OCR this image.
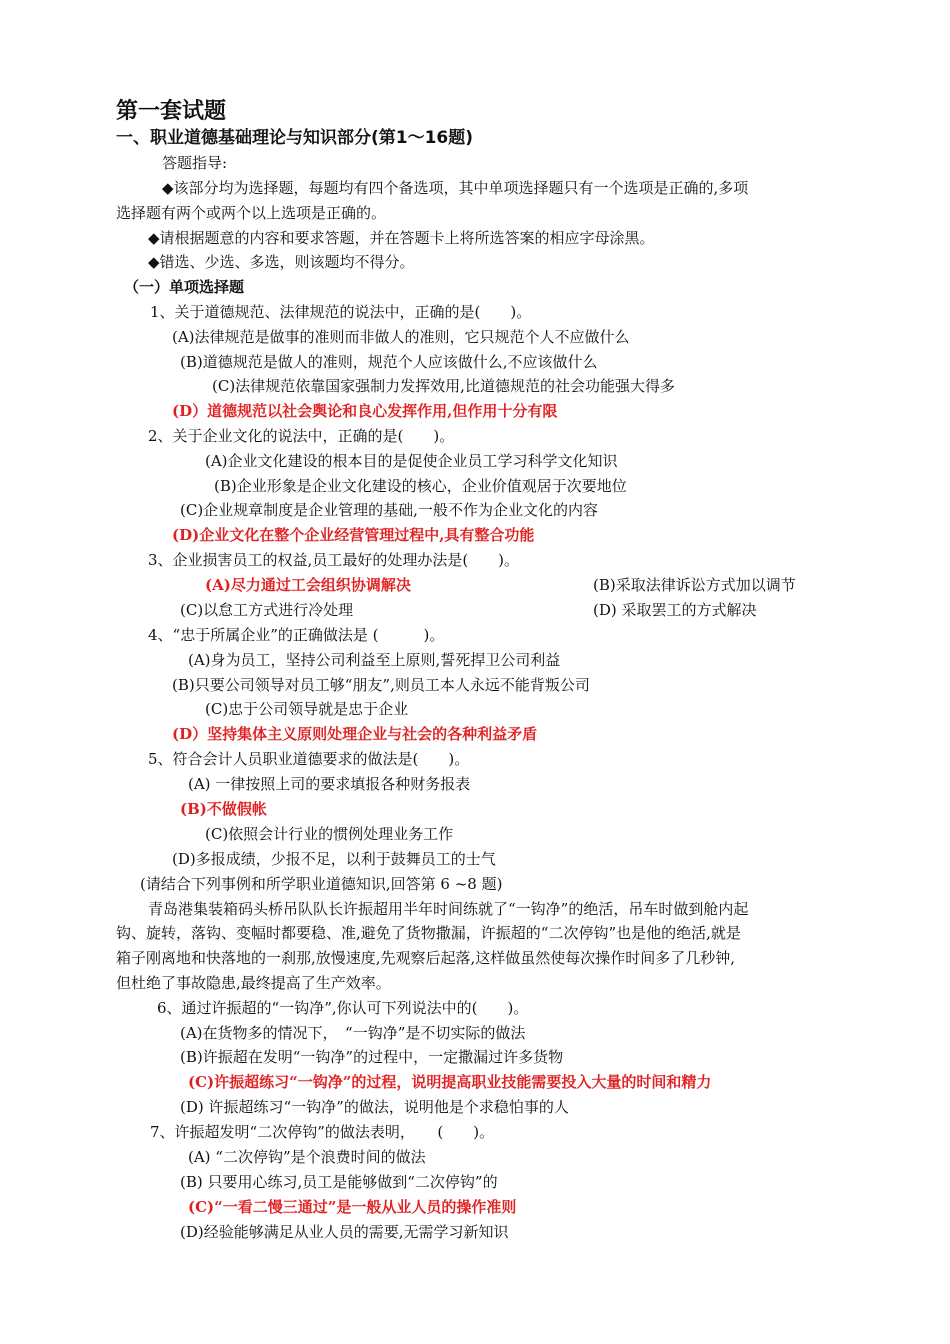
第一套试题
一、职业道德基础理论与知识部分(第1～16题)
答题指导:
◆该部分均为选择题，每题均有四个备选项，其中单项选择题只有一个选项是正确的,多项
选择题有两个或两个以上选项是正确的。
◆请根据题意的内容和要求答题，并在答题卡上将所选答案的相应字母涂黑。
◆错选、少选、多选，则该题均不得分。
（一）单项选择题
1、关于道德规范、法律规范的说法中，正确的是(　　)。
(A)法律规范是做事的准则而非做人的准则，它只规范个人不应做什么
(B)道德规范是做人的准则，规范个人应该做什么,不应该做什么
(C)法律规范依靠国家强制力发挥效用,比道德规范的社会功能强大得多
(D）道德规范以社会舆论和良心发挥作用,但作用十分有限
2、关于企业文化的说法中，正确的是(　　)。
(A)企业文化建设的根本目的是促使企业员工学习科学文化知识
(B)企业形象是企业文化建设的核心，企业价值观居于次要地位
(C)企业规章制度是企业管理的基础,一般不作为企业文化的内容
(D)企业文化在整个企业经营管理过程中,具有整合功能
3、企业损害员工的权益,员工最好的处理办法是(　　)。
(A)尽力通过工会组织协调解决	(B)采取法律诉讼方式加以调节
(C)以怠工方式进行冷处理	(D) 采取罢工的方式解决
4、“忠于所属企业”的正确做法是 (　　　)。
(A)身为员工，坚持公司利益至上原则,誓死捍卫公司利益
(B)只要公司领导对员工够“朋友”,则员工本人永远不能背叛公司
(C)忠于公司领导就是忠于企业
(D）坚持集体主义原则处理企业与社会的各种利益矛盾
5、符合会计人员职业道德要求的做法是(　　)。
(A) 一律按照上司的要求填报各种财务报表
(B)不做假帐
(C)依照会计行业的惯例处理业务工作
(D)多报成绩，少报不足，以利于鼓舞员工的士气
(请结合下列事例和所学职业道德知识,回答第 6 ~8 题)
青岛港集装箱码头桥吊队队长许振超用半年时间练就了“一钩净”的绝活，吊车时做到舱内起
钩、旋转，落钩、变幅时都要稳、准,避免了货物撒漏，许振超的“二次停钩”也是他的绝活,就是
箱子刚离地和快落地的一刹那,放慢速度,先观察后起落,这样做虽然使每次操作时间多了几秒钟,
但杜绝了事故隐患,最终提高了生产效率。
6、通过许振超的“一钩净”,你认可下列说法中的(　　)。
(A)在货物多的情况下，　“一钩净”是不切实际的做法
(B)许振超在发明“一钩净”的过程中，一定撒漏过许多货物
(C)许振超练习“一钩净”的过程，说明提高职业技能需要投入大量的时间和精力
(D) 许振超练习“一钩净”的做法，说明他是个求稳怕事的人
7、许振超发明“二次停钩”的做法表明，　　(　　)。
(A) “二次停钩”是个浪费时间的做法
(B) 只要用心练习,员工是能够做到“二次停钩”的
(C)“一看二慢三通过”是一般从业人员的操作准则
(D)经验能够满足从业人员的需要,无需学习新知识
